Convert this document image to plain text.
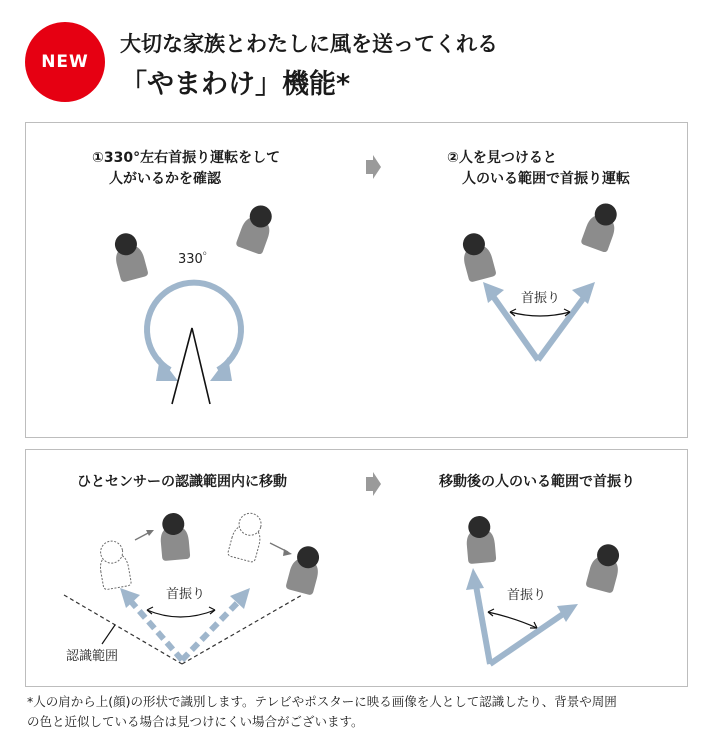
NEW
大切な家族とわたしに風を送ってくれる
「やまわけ」機能*
①330°左右首振り運転をして
人がいるかを確認
②人を見つけると
人のいる範囲で首振り運転
ひとセンサーの認識範囲内に移動	移動後の人のいる範囲で首振り
330゜
首振り
首振り
認識範囲
首振り
*人の肩から上(顔)の形状で識別します。テレビやポスターに映る画像を人として認識したり、背景や周囲
の色と近似している場合は見つけにくい場合がございます。
